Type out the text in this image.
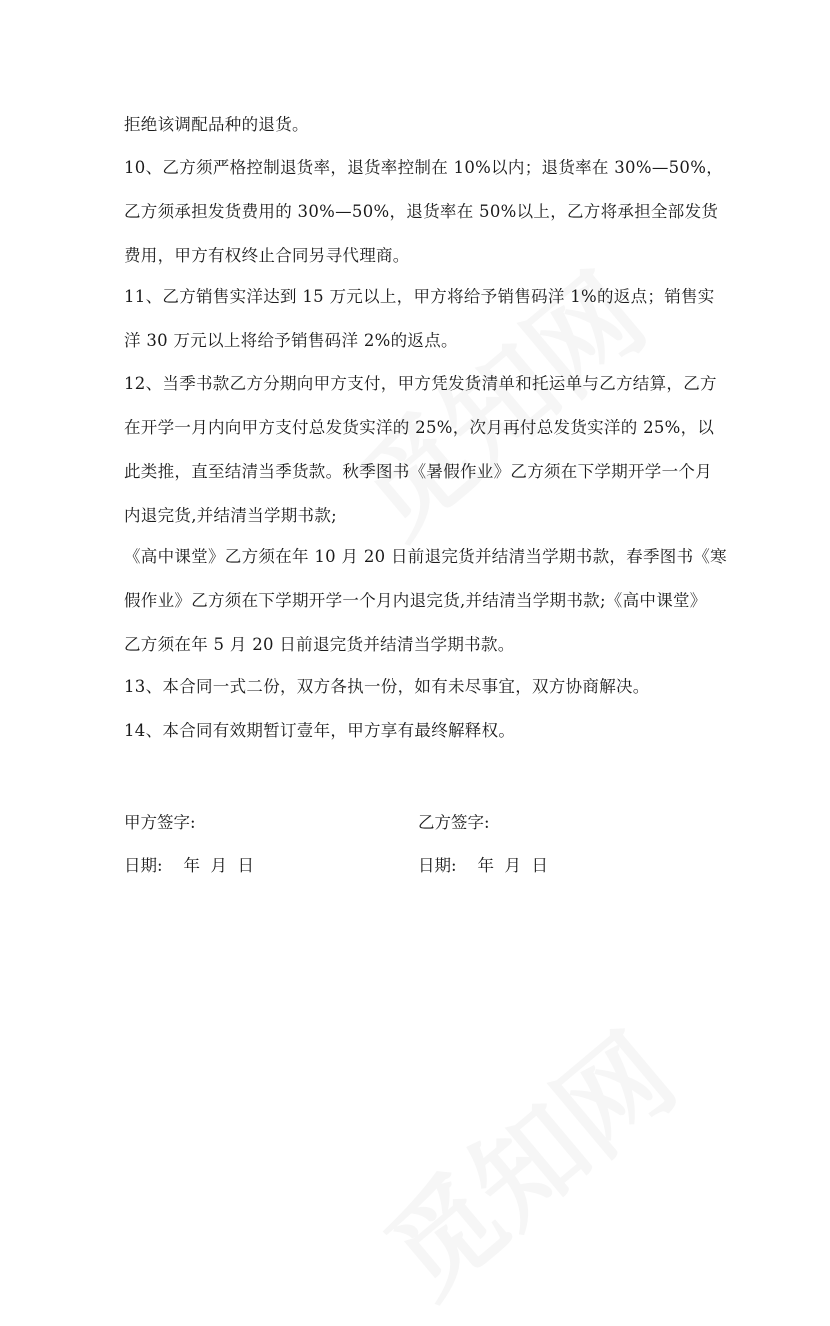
拒绝该调配品种的退货。
10、乙方须严格控制退货率，退货率控制在 10%以内；退货率在 30%—50%，
乙方须承担发货费用的 30%—50%，退货率在 50%以上，乙方将承担全部发货
费用，甲方有权终止合同另寻代理商。
11、乙方销售实洋达到 15 万元以上，甲方将给予销售码洋 1%的返点；销售实
洋 30 万元以上将给予销售码洋 2%的返点。
12、当季书款乙方分期向甲方支付，甲方凭发货清单和托运单与乙方结算，乙方
在开学一月内向甲方支付总发货实洋的 25%，次月再付总发货实洋的 25%，以
此类推，直至结清当季货款。秋季图书《暑假作业》乙方须在下学期开学一个月
内退完货,并结清当学期书款;
《高中课堂》乙方须在年 10 月 20 日前退完货并结清当学期书款，春季图书《寒
假作业》乙方须在下学期开学一个月内退完货,并结清当学期书款;《高中课堂》
乙方须在年 5 月 20 日前退完货并结清当学期书款。
13、本合同一式二份，双方各执一份，如有未尽事宜，双方协商解决。
14、本合同有效期暂订壹年，甲方享有最终解释权。
甲方签字:	乙方签字:
日期:    年  月  日	日期:    年  月  日
